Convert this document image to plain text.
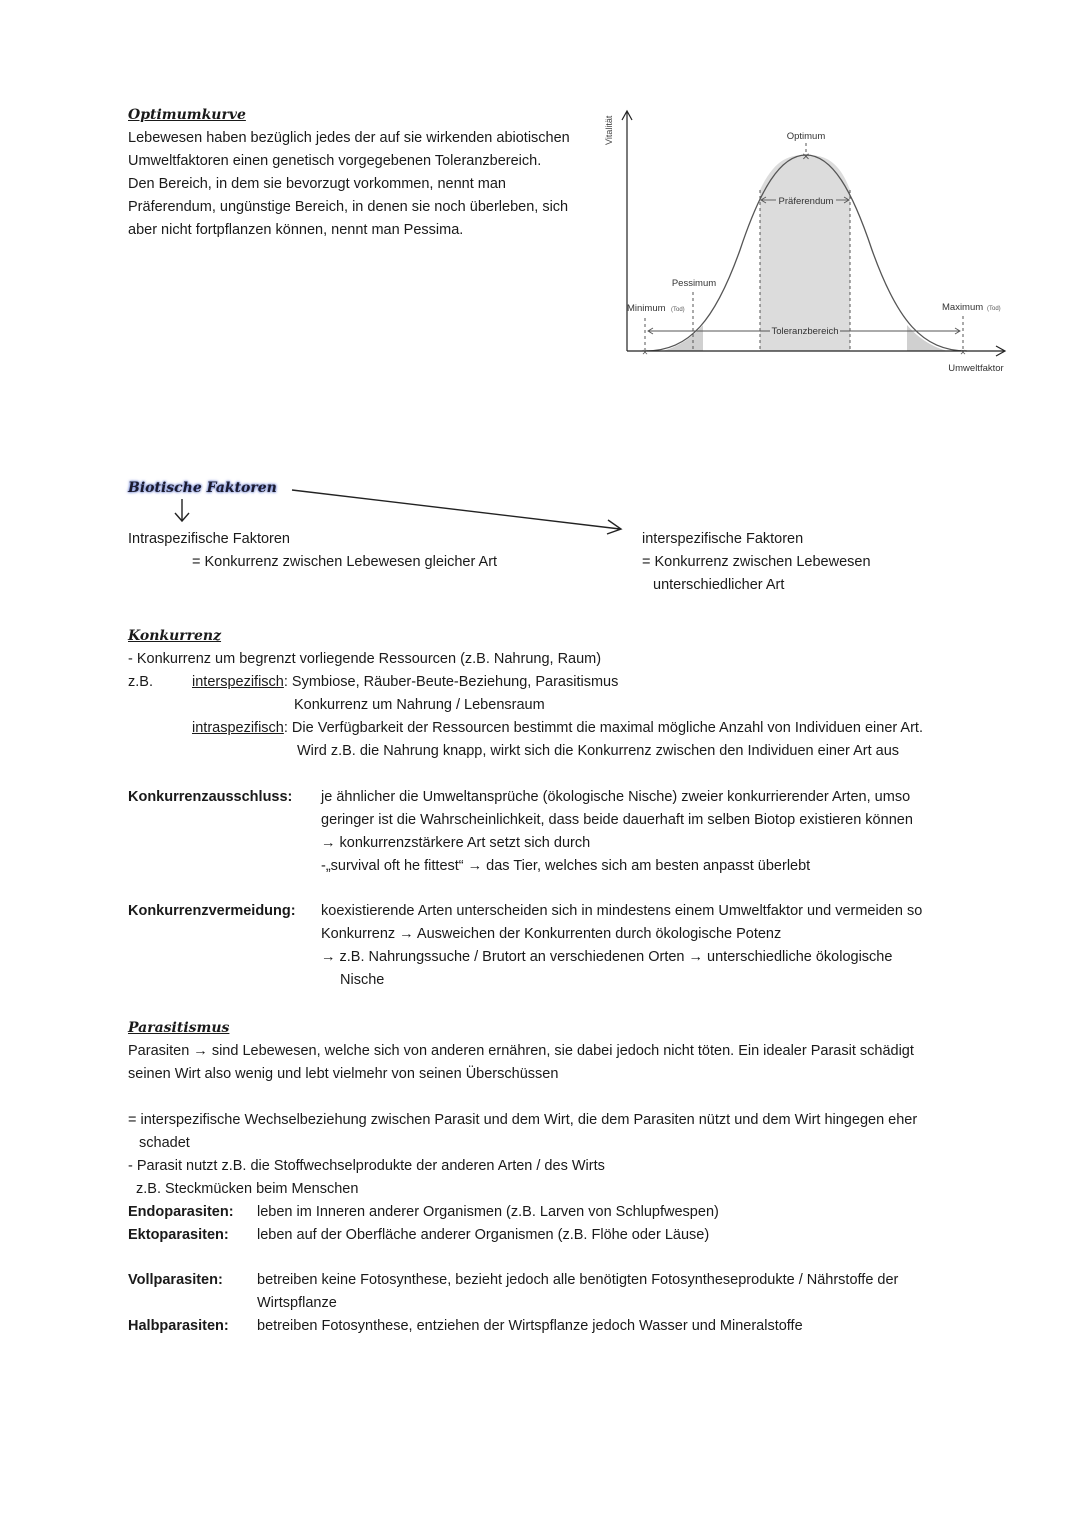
Optimumkurve
Lebewesen haben bezüglich jedes der auf sie wirkenden abiotischen
Umweltfaktoren einen genetisch vorgegebenen Toleranzbereich.
Den Bereich, in dem sie bevorzugt vorkommen, nennt man
Präferendum, ungünstige Bereich, in denen sie noch überleben, sich
aber nicht fortpflanzen können, nennt man Pessima.
✕
✕	✕
Vitalität
Umweltfaktor
Optimum
Präferendum
Pessimum
Minimum (Tod)	Maximum (Tod)
Toleranzbereich
Biotische Faktoren
Intraspezifische Faktoren
= Konkurrenz zwischen Lebewesen gleicher Art
interspezifische Faktoren
= Konkurrenz zwischen Lebewesen
unterschiedlicher Art
Konkurrenz
- Konkurrenz um begrenzt vorliegende Ressourcen (z.B. Nahrung, Raum)
z.B.	interspezifisch: Symbiose, Räuber-Beute-Beziehung, Parasitismus
Konkurrenz um Nahrung / Lebensraum
intraspezifisch: Die Verfügbarkeit der Ressourcen bestimmt die maximal mögliche Anzahl von Individuen einer Art.
Wird z.B. die Nahrung knapp, wirkt sich die Konkurrenz zwischen den Individuen einer Art aus
Konkurrenzausschluss: je ähnlicher die Umweltansprüche (ökologische Nische) zweier konkurrierender Arten, umso
geringer ist die Wahrscheinlichkeit, dass beide dauerhaft im selben Biotop existieren können
→ konkurrenzstärkere Art setzt sich durch
-„survival oft he fittest“ → das Tier, welches sich am besten anpasst überlebt
Konkurrenzvermeidung: koexistierende Arten unterscheiden sich in mindestens einem Umweltfaktor und vermeiden so
Konkurrenz → Ausweichen der Konkurrenten durch ökologische Potenz
→ z.B. Nahrungssuche / Brutort an verschiedenen Orten → unterschiedliche ökologische
Nische
Parasitismus
Parasiten → sind Lebewesen, welche sich von anderen ernähren, sie dabei jedoch nicht töten. Ein idealer Parasit schädigt
seinen Wirt also wenig und lebt vielmehr von seinen Überschüssen
= interspezifische Wechselbeziehung zwischen Parasit und dem Wirt, die dem Parasiten nützt und dem Wirt hingegen eher
schadet
- Parasit nutzt z.B. die Stoffwechselprodukte der anderen Arten / des Wirts
z.B. Steckmücken beim Menschen
Endoparasiten: leben im Inneren anderer Organismen (z.B. Larven von Schlupfwespen)
Ektoparasiten: leben auf der Oberfläche anderer Organismen (z.B. Flöhe oder Läuse)
Vollparasiten: betreiben keine Fotosynthese, bezieht jedoch alle benötigten Fotosyntheseprodukte / Nährstoffe der
Wirtspflanze
Halbparasiten: betreiben Fotosynthese, entziehen der Wirtspflanze jedoch Wasser und Mineralstoffe
